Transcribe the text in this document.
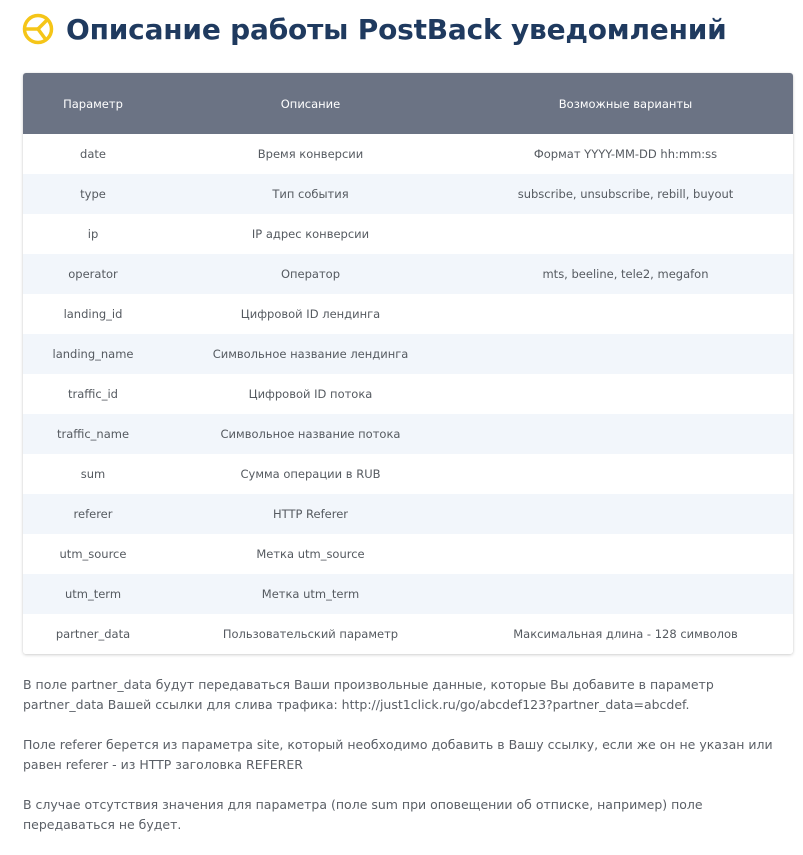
Описание работы PostBack уведомлений
Параметр	Описание	Возможные варианты
date	Время конверсии	Формат YYYY-MM-DD hh:mm:ss
type	Тип события	subscribe, unsubscribe, rebill, buyout
ip	IP адрес конверсии	
operator	Оператор	mts, beeline, tele2, megafon
landing_id	Цифровой ID лендинга	
landing_name	Символьное название лендинга	
traffic_id	Цифровой ID потока	
traffic_name	Символьное название потока	
sum	Сумма операции в RUB	
referer	HTTP Referer	
utm_source	Метка utm_source	
utm_term	Метка utm_term	
partner_data	Пользовательский параметр	Максимальная длина - 128 символов

В поле partner_data будут передаваться Ваши произвольные данные, которые Вы добавите в параметр partner_data Вашей ссылки для слива трафика: http://just1click.ru/go/abcdef123?partner_data=abcdef.

Поле referer берется из параметра site, который необходимо добавить в Вашу ссылку, если же он не указан или равен referer - из HTTP заголовка REFERER

В случае отсутствия значения для параметра (поле sum при оповещении об отписке, например) поле передаваться не будет.
